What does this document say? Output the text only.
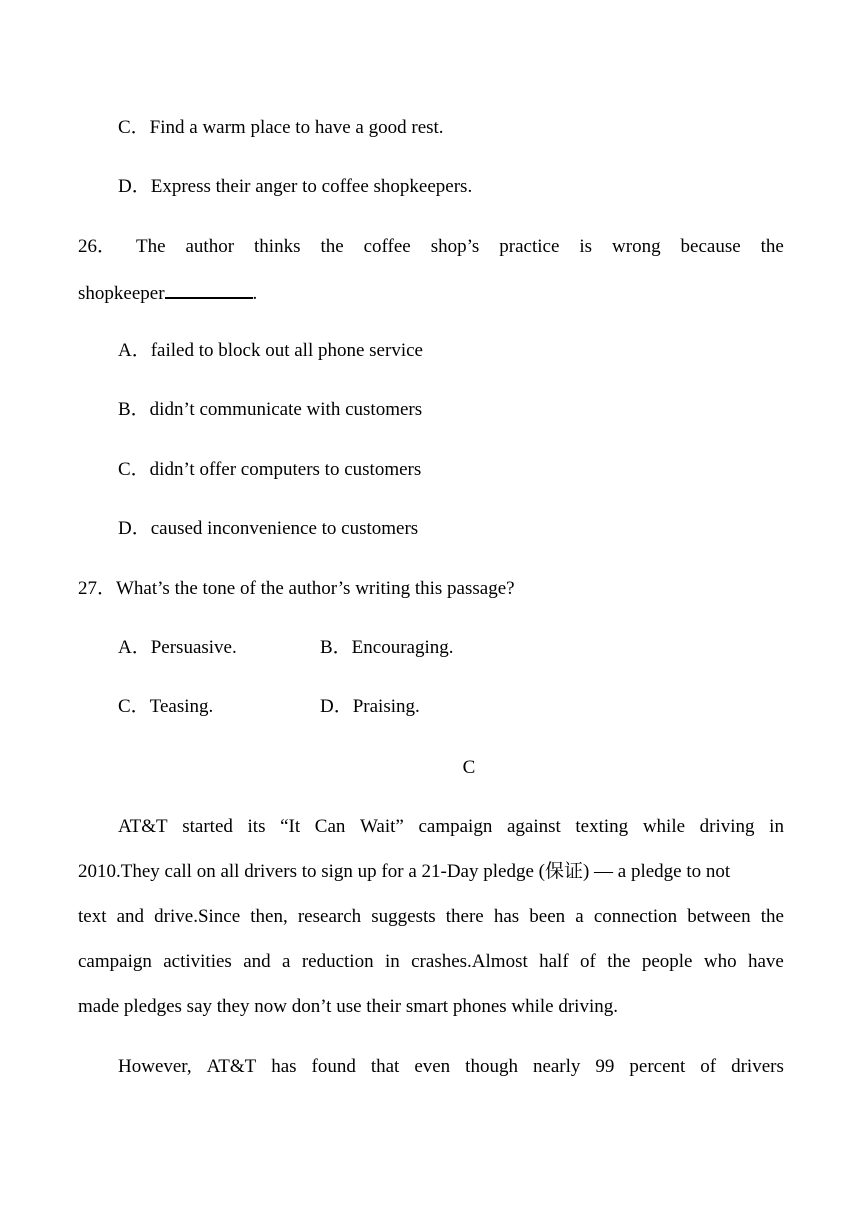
C．Find a warm place to have a good rest.
D．Express their anger to coffee shopkeepers.
26． The author thinks the coffee shop’s practice is wrong because the
shopkeeper	.
A．failed to block out all phone service
B．didn’t communicate with customers
C．didn’t offer computers to customers
D．caused inconvenience to customers
27．What’s the tone of the author’s writing this passage?
A．Persuasive.	B．Encouraging.
C．Teasing.	D．Praising.
C
AT&T started its “It Can Wait” campaign against texting while driving in
2010.They call on all drivers to sign up for a 21-Day pledge (保证) — a pledge to not
text and drive.Since then, research suggests there has been a connection between the
campaign activities and a reduction in crashes.Almost half of the people who have
made pledges say they now don’t use their smart phones while driving.
However, AT&T has found that even though nearly 99 percent of drivers
